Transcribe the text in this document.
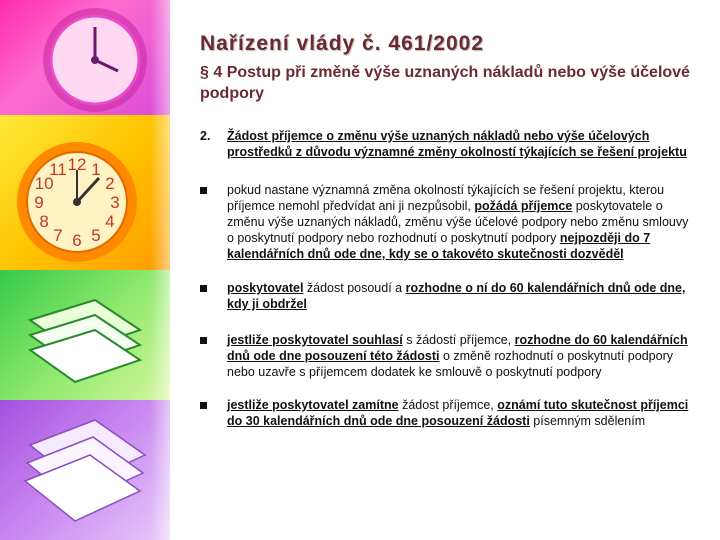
12 1
2
3
4
5
6
7
8
9
10
11
Nařízení vlády č. 461/2002
§ 4 Postup při změně výše uznaných nákladů nebo výše účelové podpory
2. Žádost příjemce o změnu výše uznaných nákladů nebo výše účelových prostředků z důvodu významné změny okolností týkajících se řešení projektu
pokud nastane významná změna okolností týkajících se řešení projektu, kterou příjemce nemohl předvídat ani ji nezpůsobil, požádá příjemce poskytovatele o změnu výše uznaných nákladů, změnu výše účelové podpory nebo změnu smlouvy o poskytnutí podpory nebo rozhodnutí o poskytnutí podpory nejpozději do 7 kalendářních dnů ode dne, kdy se o takovéto skutečnosti dozvěděl
poskytovatel žádost posoudí a rozhodne o ní do 60 kalendářních dnů ode dne, kdy ji obdržel
jestliže poskytovatel souhlasí s žádostí příjemce, rozhodne do 60 kalendářních dnů ode dne posouzení této žádosti o změně rozhodnutí o poskytnutí podpory nebo uzavře s příjemcem dodatek ke smlouvě o poskytnutí podpory
jestliže poskytovatel zamítne žádost příjemce, oznámí tuto skutečnost příjemci do 30 kalendářních dnů ode dne posouzení žádosti písemným sdělením
